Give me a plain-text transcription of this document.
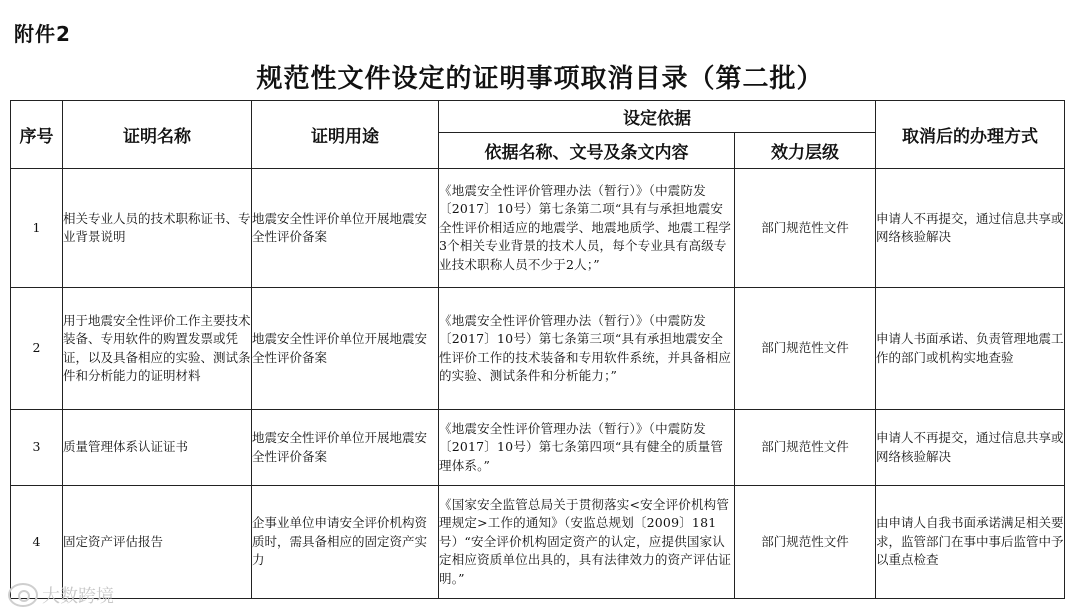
附件2
规范性文件设定的证明事项取消目录（第二批）
序号	证明名称	证明用途	设定依据		取消后的办理方式
			依据名称、文号及条文内容	效力层级	
1	相关专业人员的技术职称证书、专业背景说明	地震安全性评价单位开展地震安全性评价备案	《地震安全性评价管理办法（暂行）》（中震防发〔2017〕10号）第七条第二项“具有与承担地震安全性评价相适应的地震学、地震地质学、地震工程学3个相关专业背景的技术人员，每个专业具有高级专业技术职称人员不少于2人；”	部门规范性文件	申请人不再提交，通过信息共享或网络核验解决
2	用于地震安全性评价工作主要技术装备、专用软件的购置发票或凭证，以及具备相应的实验、测试条件和分析能力的证明材料	地震安全性评价单位开展地震安全性评价备案	《地震安全性评价管理办法（暂行）》（中震防发〔2017〕10号）第七条第三项“具有承担地震安全性评价工作的技术装备和专用软件系统，并具备相应的实验、测试条件和分析能力；”	部门规范性文件	申请人书面承诺、负责管理地震工作的部门或机构实地查验
3	质量管理体系认证证书	地震安全性评价单位开展地震安全性评价备案	《地震安全性评价管理办法（暂行）》（中震防发〔2017〕10号）第七条第四项“具有健全的质量管理体系。”	部门规范性文件	申请人不再提交，通过信息共享或网络核验解决
4	固定资产评估报告	企事业单位申请安全评价机构资质时，需具备相应的固定资产实力	《国家安全监管总局关于贯彻落实<安全评价机构管理规定>工作的通知》（安监总规划〔2009〕181号）“安全评价机构固定资产的认定，应提供国家认定相应资质单位出具的，具有法律效力的资产评估证明。”	部门规范性文件	由申请人自我书面承诺满足相关要求，监管部门在事中事后监管中予以重点检查
大数跨境
